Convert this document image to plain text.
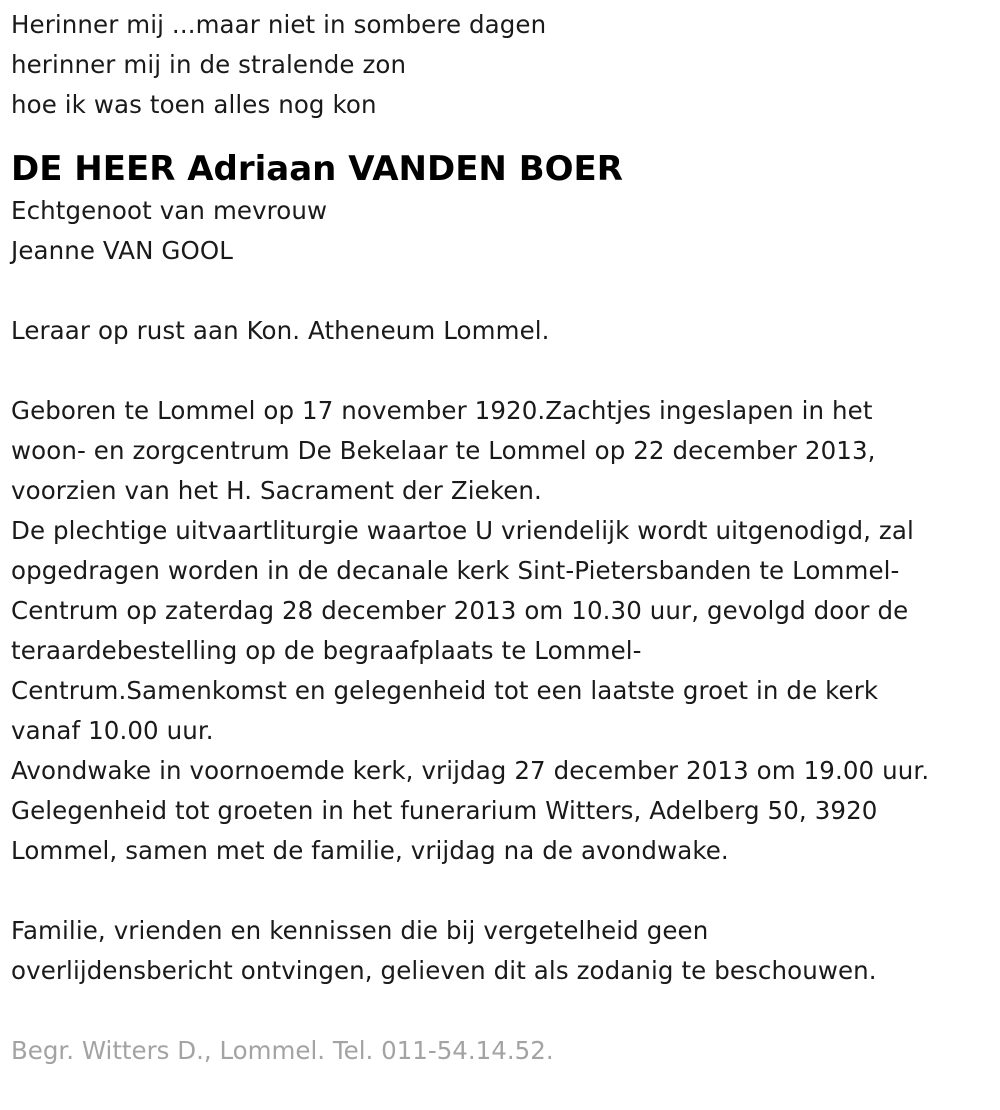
Herinner mij ...maar niet in sombere dagen
herinner mij in de stralende zon
hoe ik was toen alles nog kon
DE HEER Adriaan VANDEN BOER
Echtgenoot van mevrouw
Jeanne VAN GOOL
Leraar op rust aan Kon. Atheneum Lommel.
Geboren te Lommel op 17 november 1920.Zachtjes ingeslapen in het
woon- en zorgcentrum De Bekelaar te Lommel op 22 december 2013,
voorzien van het H. Sacrament der Zieken.
De plechtige uitvaartliturgie waartoe U vriendelijk wordt uitgenodigd, zal
opgedragen worden in de decanale kerk Sint-Pietersbanden te Lommel-
Centrum op zaterdag 28 december 2013 om 10.30 uur, gevolgd door de
teraardebestelling op de begraafplaats te Lommel-
Centrum.Samenkomst en gelegenheid tot een laatste groet in de kerk
vanaf 10.00 uur.
Avondwake in voornoemde kerk, vrijdag 27 december 2013 om 19.00 uur.
Gelegenheid tot groeten in het funerarium Witters, Adelberg 50, 3920
Lommel, samen met de familie, vrijdag na de avondwake.
Familie, vrienden en kennissen die bij vergetelheid geen
overlijdensbericht ontvingen, gelieven dit als zodanig te beschouwen.
Begr. Witters D., Lommel. Tel. 011-54.14.52.
